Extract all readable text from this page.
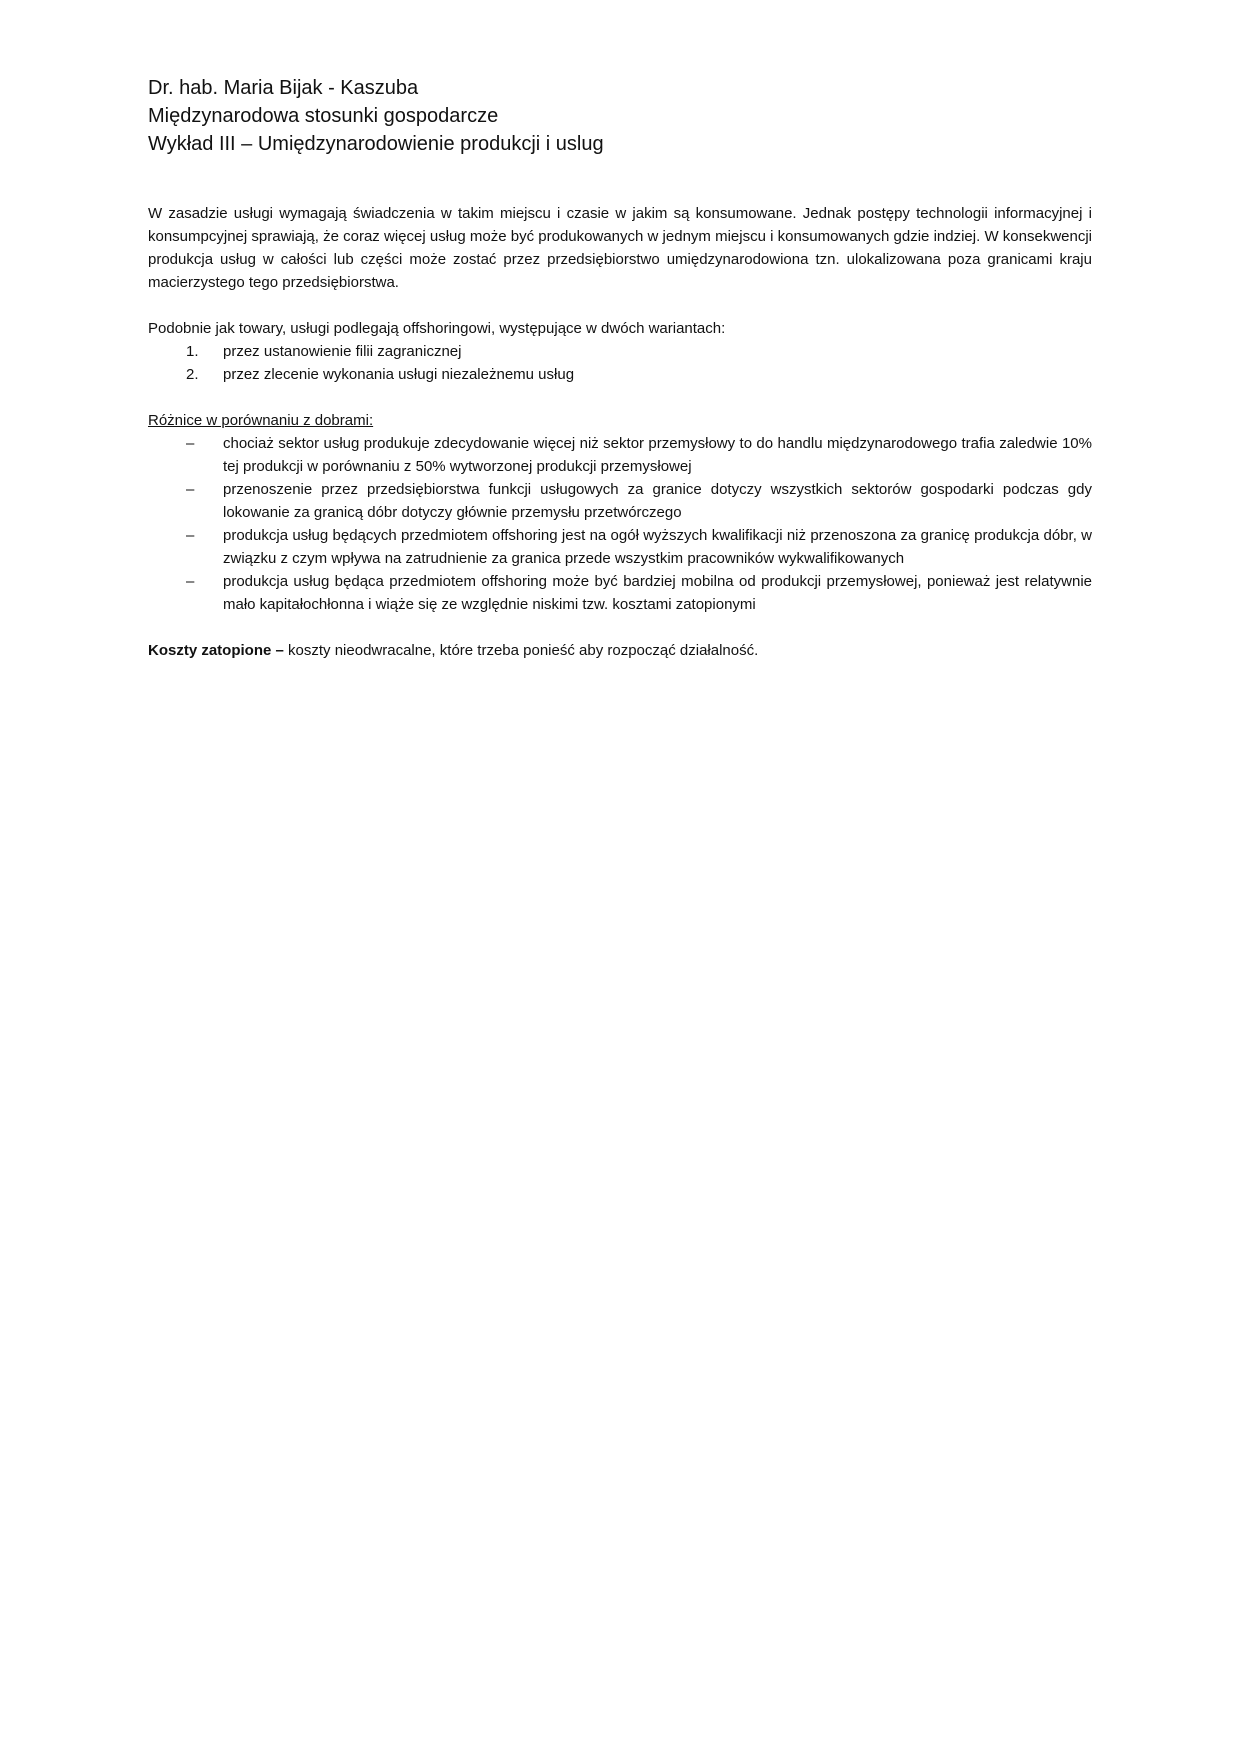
Dr. hab. Maria Bijak - Kaszuba
Międzynarodowa stosunki gospodarcze
Wykład III – Umiędzynarodowienie produkcji i uslug

W zasadzie usługi wymagają świadczenia w takim miejscu i czasie w jakim są konsumowane. Jednak postępy technologii informacyjnej i konsumpcyjnej sprawiają, że coraz więcej usług może być produkowanych w jednym miejscu i konsumowanych gdzie indziej. W konsekwencji produkcja usług w całości lub części może zostać przez przedsiębiorstwo umiędzynarodowiona tzn. ulokalizowana poza granicami kraju macierzystego tego przedsiębiorstwa.

Podobnie jak towary, usługi podlegają offshoringowi, występujące w dwóch wariantach:

1. przez ustanowienie filii zagranicznej
2. przez zlecenie wykonania usługi niezależnemu usług

Różnice w porównaniu z dobrami:

– chociaż sektor usług produkuje zdecydowanie więcej niż sektor przemysłowy to do handlu międzynarodowego trafia zaledwie 10% tej produkcji w porównaniu z 50% wytworzonej produkcji przemysłowej
– przenoszenie przez przedsiębiorstwa funkcji usługowych za granice dotyczy wszystkich sektorów gospodarki podczas gdy lokowanie za granicą dóbr dotyczy głównie przemysłu przetwórczego
– produkcja usług będących przedmiotem offshoring jest na ogół wyższych kwalifikacji niż przenoszona za granicę produkcja dóbr, w związku z czym wpływa na zatrudnienie za granica przede wszystkim pracowników wykwalifikowanych
– produkcja usług będąca przedmiotem offshoring może być bardziej mobilna od produkcji przemysłowej, ponieważ jest relatywnie mało kapitałochłonna i wiąże się ze względnie niskimi tzw. kosztami zatopionymi

Koszty zatopione – koszty nieodwracalne, które trzeba ponieść aby rozpocząć działalność.
